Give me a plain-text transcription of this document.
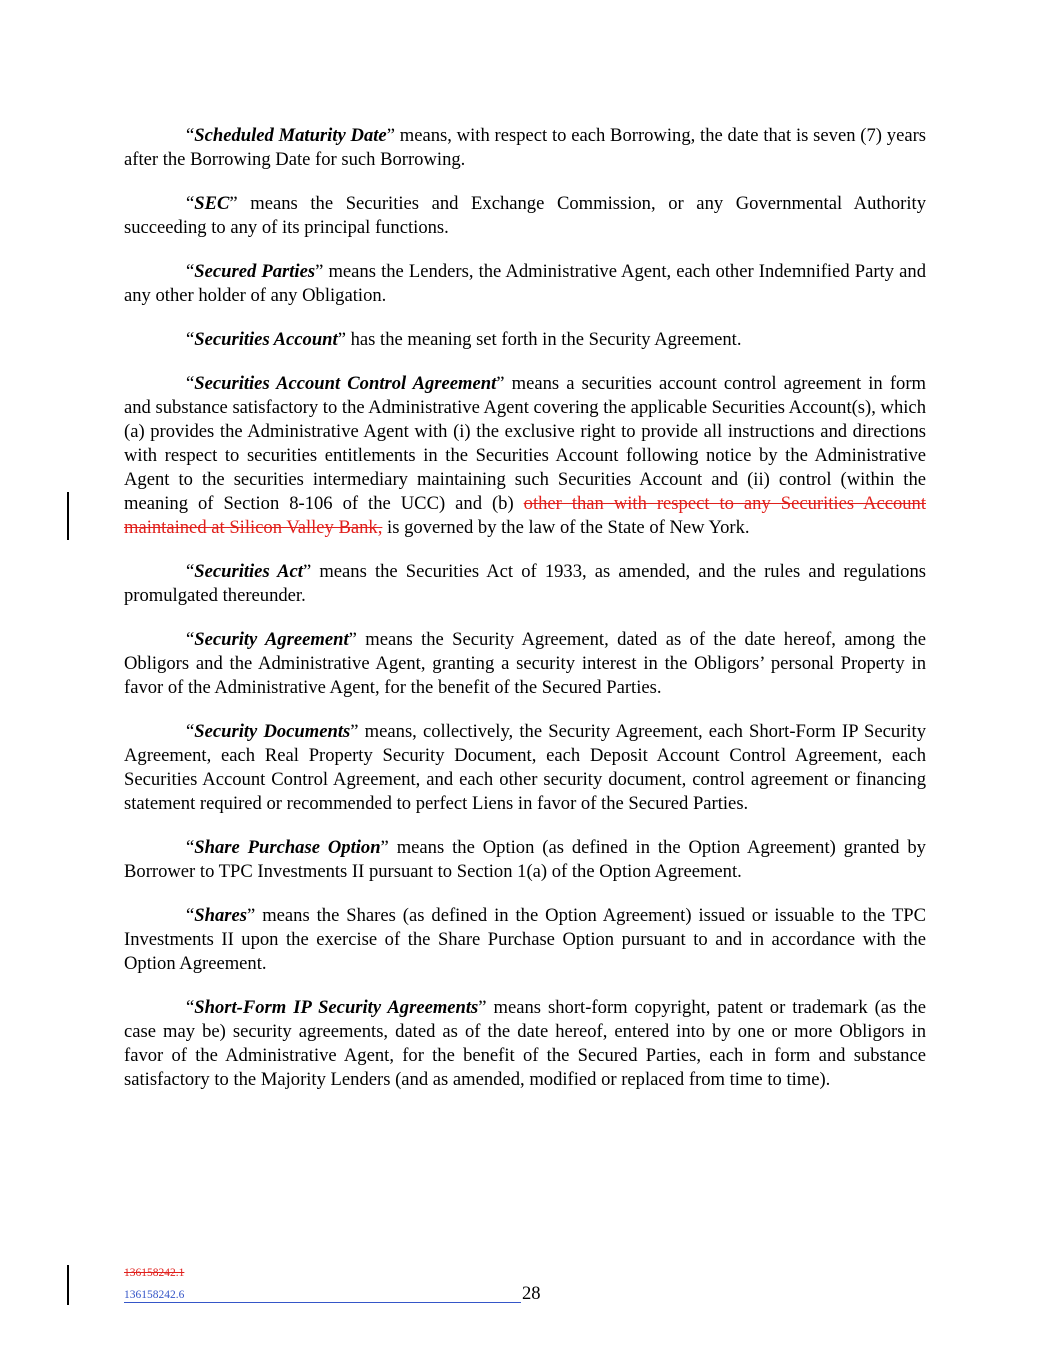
“Scheduled Maturity Date” means, with respect to each Borrowing, the date that is seven (7) years after the Borrowing Date for such Borrowing.

“SEC” means the Securities and Exchange Commission, or any Governmental Authority succeeding to any of its principal functions.

“Secured Parties” means the Lenders, the Administrative Agent, each other Indemnified Party and any other holder of any Obligation.

“Securities Account” has the meaning set forth in the Security Agreement.

“Securities Account Control Agreement” means a securities account control agreement in form and substance satisfactory to the Administrative Agent covering the applicable Securities Account(s), which (a) provides the Administrative Agent with (i) the exclusive right to provide all instructions and directions with respect to securities entitlements in the Securities Account following notice by the Administrative Agent to the securities intermediary maintaining such Securities Account and (ii) control (within the meaning of Section 8-106 of the UCC) and (b) other than with respect to any Securities Account maintained at Silicon Valley Bank, is governed by the law of the State of New York.

“Securities Act” means the Securities Act of 1933, as amended, and the rules and regulations promulgated thereunder.

“Security Agreement” means the Security Agreement, dated as of the date hereof, among the Obligors and the Administrative Agent, granting a security interest in the Obligors’ personal Property in favor of the Administrative Agent, for the benefit of the Secured Parties.

“Security Documents” means, collectively, the Security Agreement, each Short-Form IP Security Agreement, each Real Property Security Document, each Deposit Account Control Agreement, each Securities Account Control Agreement, and each other security document, control agreement or financing statement required or recommended to perfect Liens in favor of the Secured Parties.

“Share Purchase Option” means the Option (as defined in the Option Agreement) granted by Borrower to TPC Investments II pursuant to Section 1(a) of the Option Agreement.

“Shares” means the Shares (as defined in the Option Agreement) issued or issuable to the TPC Investments II upon the exercise of the Share Purchase Option pursuant to and in accordance with the Option Agreement.

“Short-Form IP Security Agreements” means short-form copyright, patent or trademark (as the case may be) security agreements, dated as of the date hereof, entered into by one or more Obligors in favor of the Administrative Agent, for the benefit of the Secured Parties, each in form and substance satisfactory to the Majority Lenders (and as amended, modified or replaced from time to time).

136158242.1
136158242.6	28
